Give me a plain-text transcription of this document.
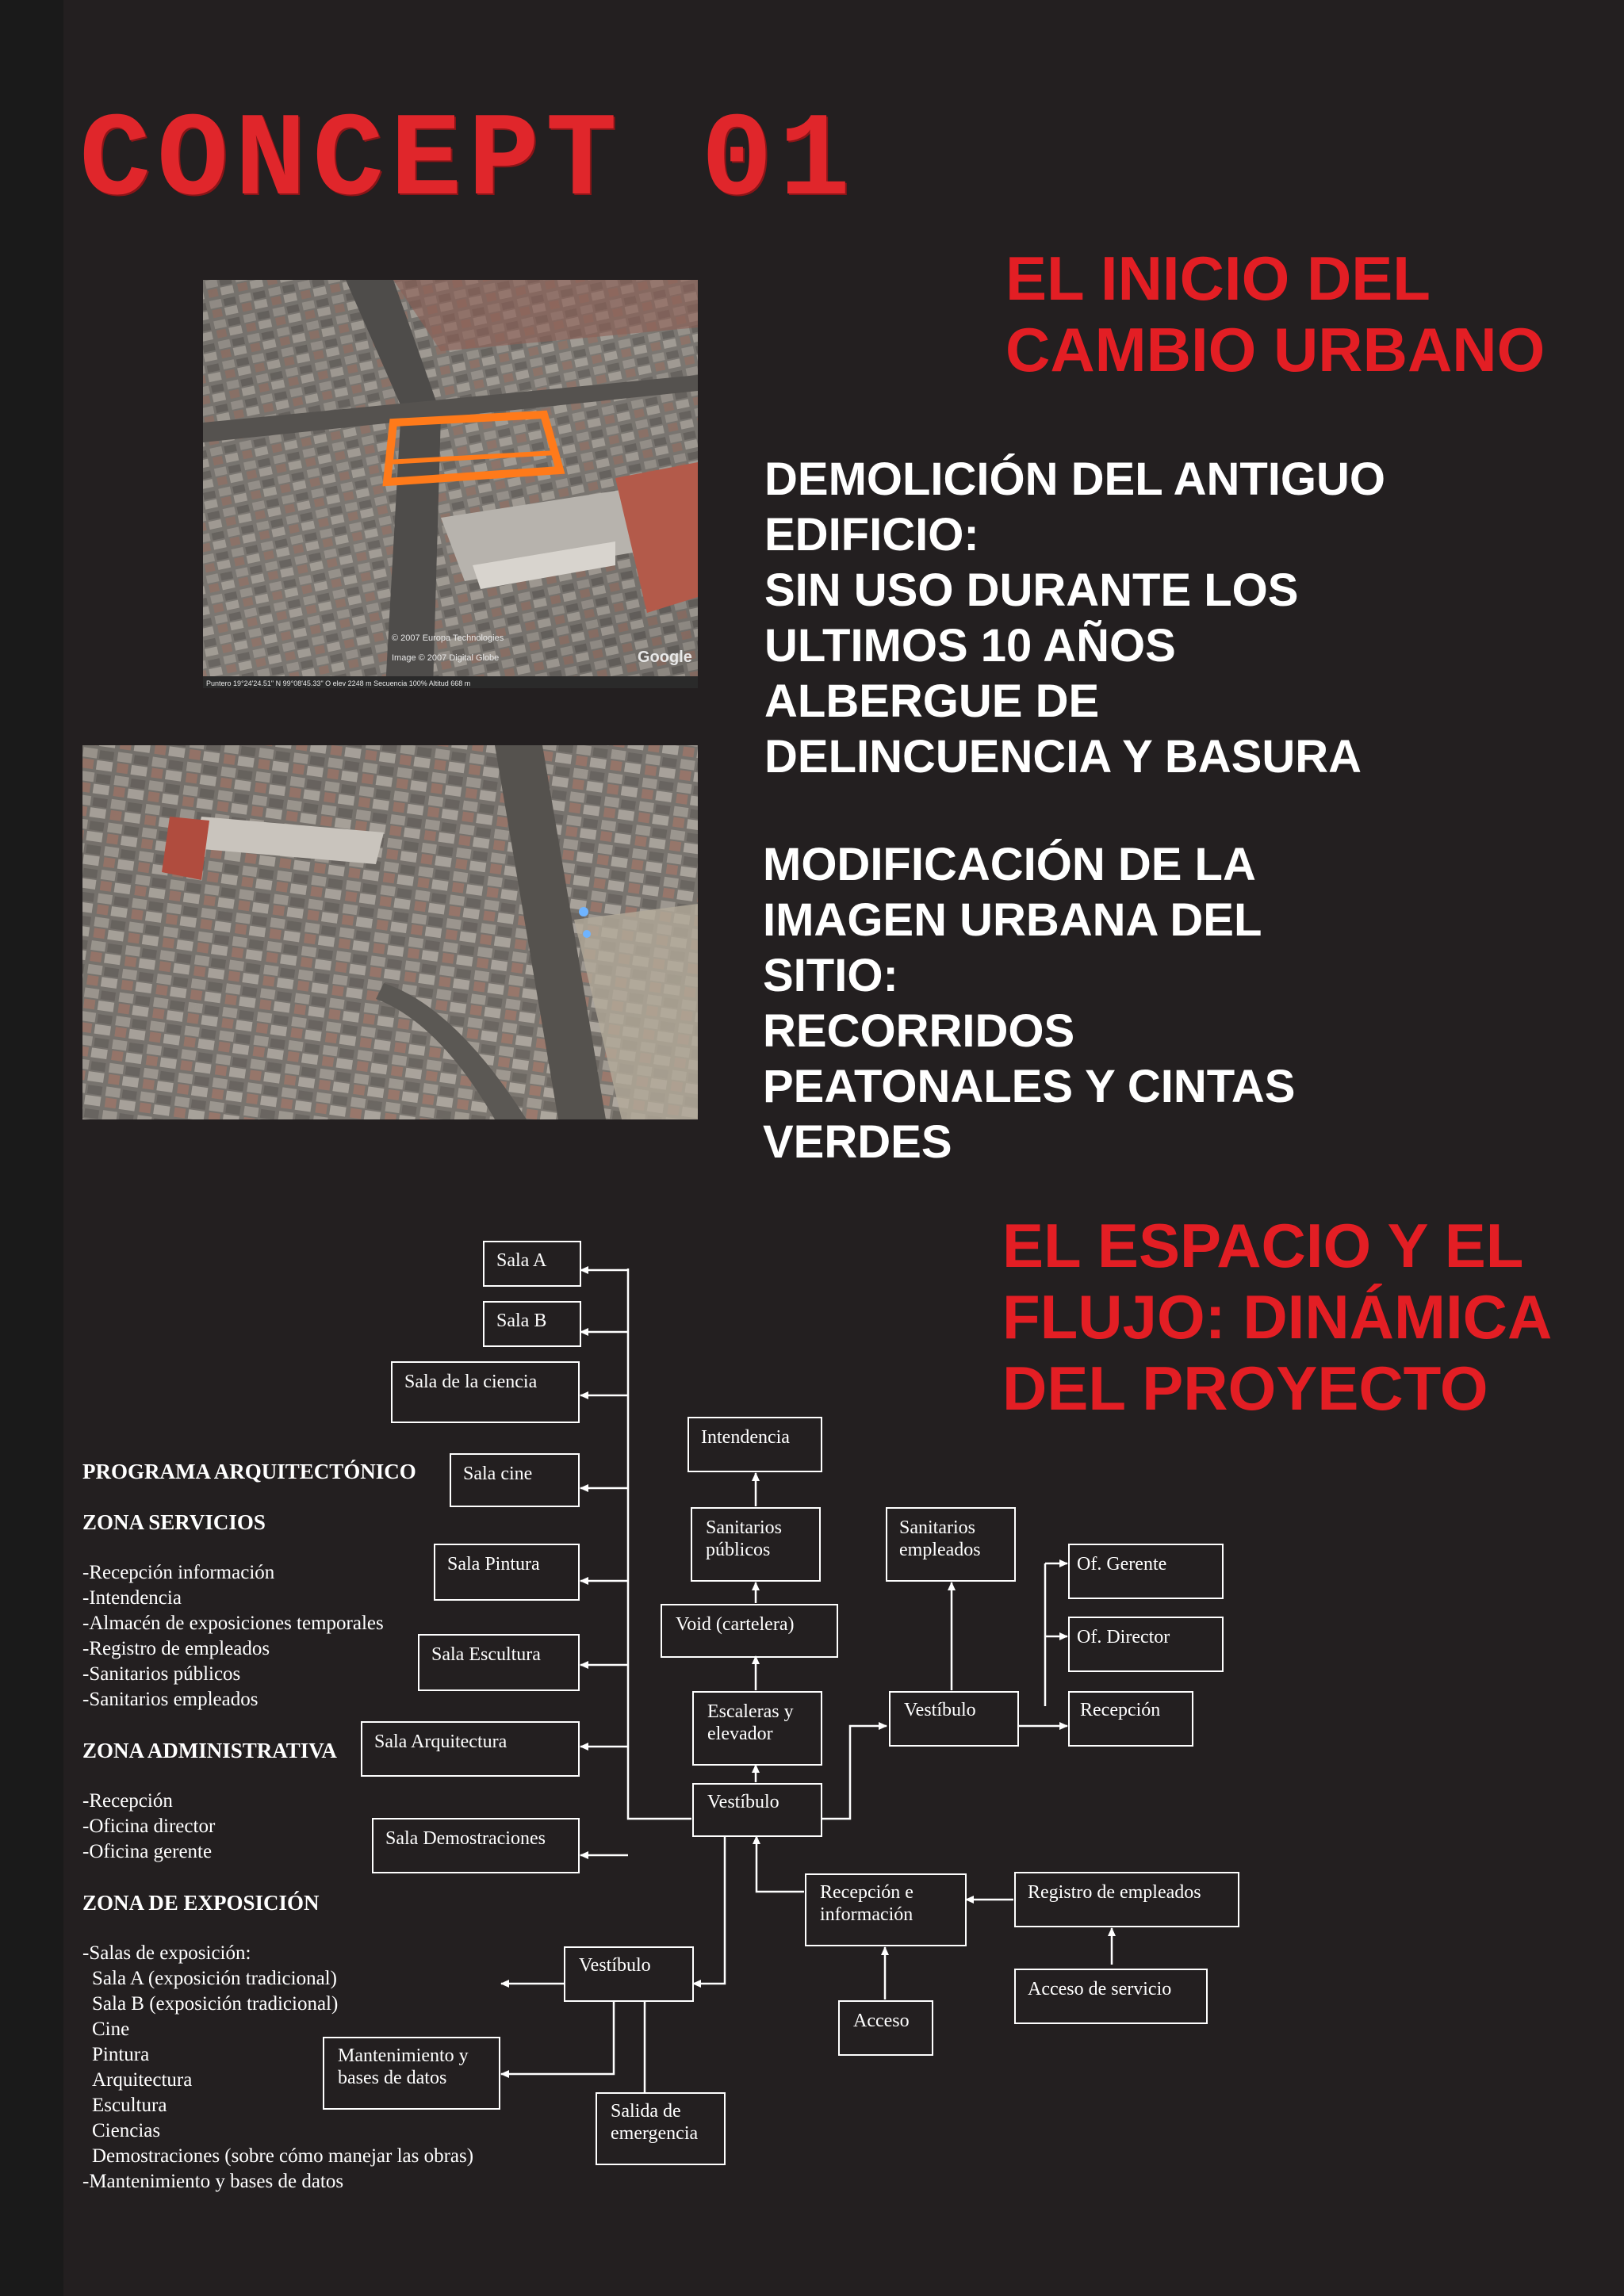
CONCEPT 01
© 2007 Europa Technologies
Image © 2007 Digital Globe	Google
Puntero 19°24'24.51" N 99°08'45.33" O elev 2248 m Secuencia 100% Altitud 668 m
EL INICIO DEL
CAMBIO URBANO
DEMOLICIÓN DEL ANTIGUO
EDIFICIO:
SIN USO DURANTE LOS
ULTIMOS 10 AÑOS
ALBERGUE DE
DELINCUENCIA Y BASURA
MODIFICACIÓN DE LA
IMAGEN URBANA DEL
SITIO:
RECORRIDOS
PEATONALES Y CINTAS
VERDES
EL ESPACIO Y EL
FLUJO: DINÁMICA
DEL PROYECTO
PROGRAMA ARQUITECTÓNICO
ZONA SERVICIOS
-Recepción información
-Intendencia
-Almacén de exposiciones temporales
-Registro de empleados
-Sanitarios públicos
-Sanitarios empleados
ZONA ADMINISTRATIVA
-Recepción
-Oficina director
-Oficina gerente
ZONA DE EXPOSICIÓN
-Salas de exposición:
Sala A (exposición tradicional)
Sala B (exposición tradicional)
Cine
Pintura
Arquitectura
Escultura
Ciencias
Demostraciones (sobre cómo manejar las obras)
-Mantenimiento y bases de datos
Sala A
Sala B
Sala de la ciencia
Sala cine
Sala Pintura
Sala Escultura
Sala Arquitectura
Sala Demostraciones
Intendencia
Sanitarios
públicos
Void (cartelera)
Escaleras y
elevador
Vestíbulo
Sanitarios
empleados
Vestíbulo
Of. Gerente
Of. Director
Recepción
Recepción e
información
Registro de empleados
Acceso de servicio
Acceso
Vestíbulo
Mantenimiento y
bases de datos
Salida de
emergencia
